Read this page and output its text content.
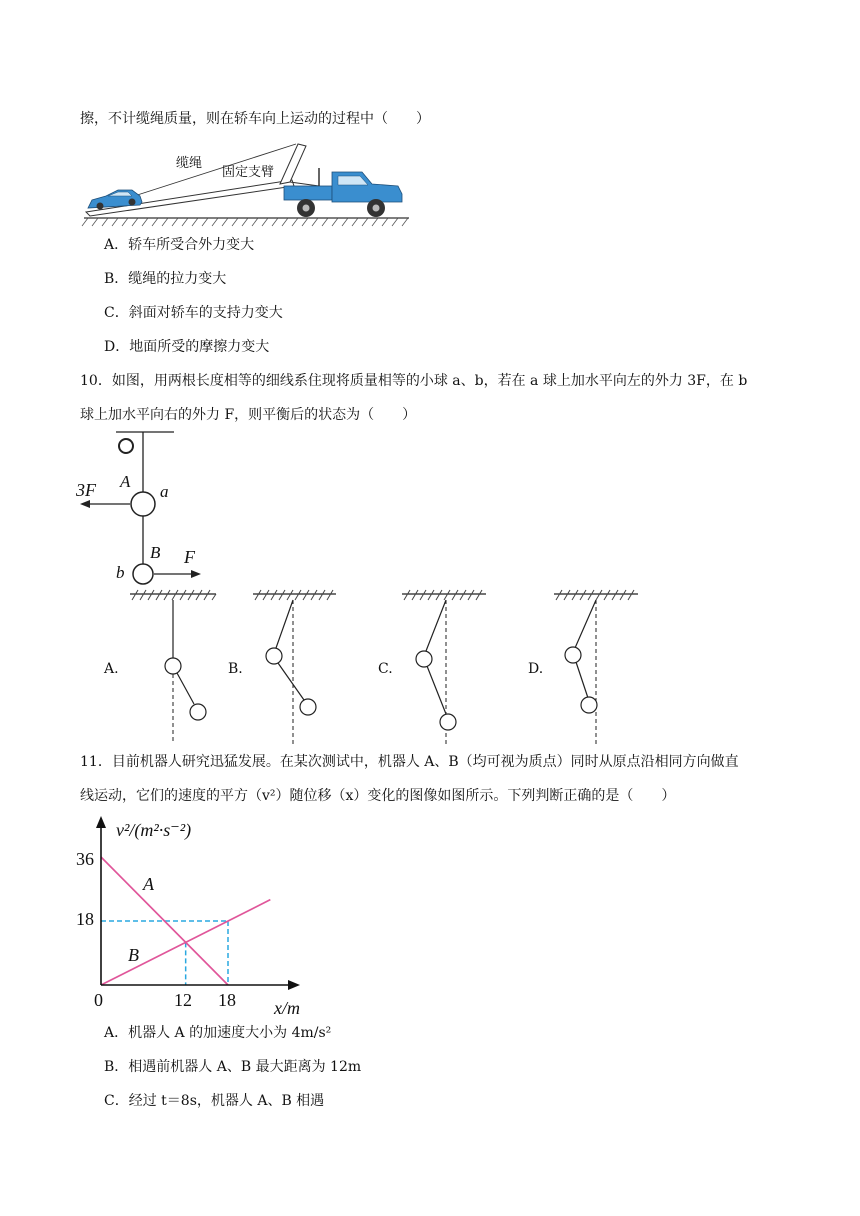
擦，不计缆绳质量，则在轿车向上运动的过程中（　　）
缆绳
固定支臂
A．轿车所受合外力变大
B．缆绳的拉力变大
C．斜面对轿车的支持力变大
D．地面所受的摩擦力变大
10．如图，用两根长度相等的细线系住现将质量相等的小球 a、b，若在 a 球上加水平向左的外力 3F，在 b
球上加水平向右的外力 F，则平衡后的状态为（　　）
3F A
a
B
b
F
A.	B.	C.	D.
11．目前机器人研究迅猛发展。在某次测试中，机器人 A、B（均可视为质点）同时从原点沿相同方向做直
线运动，它们的速度的平方（v²）随位移（x）变化的图像如图所示。下列判断正确的是（　　）
v²/(m²·s⁻²)
x/m
36
18
0	12 18
A
B
A．机器人 A 的加速度大小为 4m/s²
B．相遇前机器人 A、B 最大距离为 12m
C．经过 t＝8s，机器人 A、B 相遇
